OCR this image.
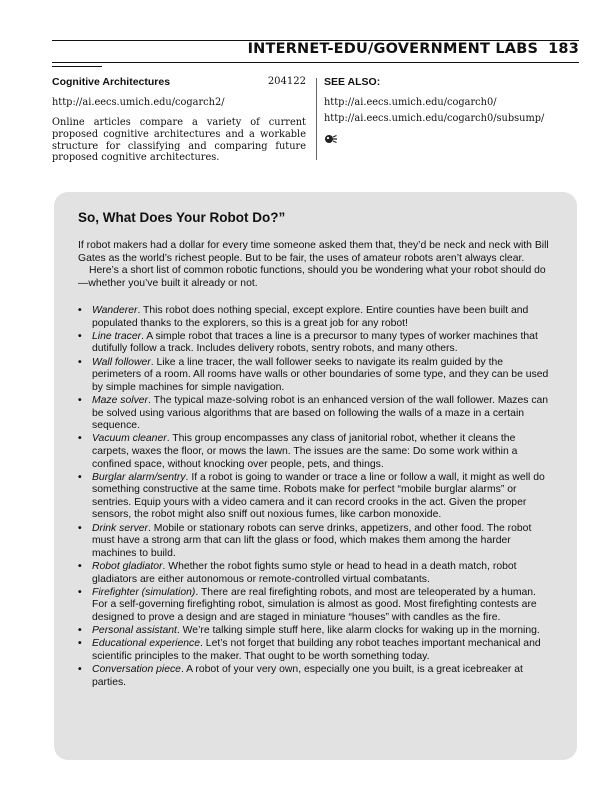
INTERNET-EDU/GOVERNMENT LABS 183
Cognitive Architectures	204122
http://ai.eecs.umich.edu/cogarch2/
Online articles compare a variety of current proposed cognitive architectures and a workable structure for classifying and comparing future proposed cognitive architectures.
SEE ALSO:
http://ai.eecs.umich.edu/cogarch0/
http://ai.eecs.umich.edu/cogarch0/subsump/
So, What Does Your Robot Do?”

If robot makers had a dollar for every time someone asked them that, they’d be neck and neck with Bill Gates as the world’s richest people. But to be fair, the uses of amateur robots aren’t always clear.

Here’s a short list of common robotic functions, should you be wondering what your robot should do—whether you’ve built it already or not.

• Wanderer. This robot does nothing special, except explore. Entire counties have been built and populated thanks to the explorers, so this is a great job for any robot!
• Line tracer. A simple robot that traces a line is a precursor to many types of worker machines that dutifully follow a track. Includes delivery robots, sentry robots, and many others.
• Wall follower. Like a line tracer, the wall follower seeks to navigate its realm guided by the perimeters of a room. All rooms have walls or other boundaries of some type, and they can be used by simple machines for simple navigation.
• Maze solver. The typical maze-solving robot is an enhanced version of the wall follower. Mazes can be solved using various algorithms that are based on following the walls of a maze in a certain sequence.
• Vacuum cleaner. This group encompasses any class of janitorial robot, whether it cleans the carpets, waxes the floor, or mows the lawn. The issues are the same: Do some work within a confined space, without knocking over people, pets, and things.
• Burglar alarm/sentry. If a robot is going to wander or trace a line or follow a wall, it might as well do something constructive at the same time. Robots make for perfect “mobile burglar alarms” or sentries. Equip yours with a video camera and it can record crooks in the act. Given the proper sensors, the robot might also sniff out noxious fumes, like carbon monoxide.
• Drink server. Mobile or stationary robots can serve drinks, appetizers, and other food. The robot must have a strong arm that can lift the glass or food, which makes them among the harder machines to build.
• Robot gladiator. Whether the robot fights sumo style or head to head in a death match, robot gladiators are either autonomous or remote-controlled virtual combatants.
• Firefighter (simulation). There are real firefighting robots, and most are teleoperated by a human. For a self-governing firefighting robot, simulation is almost as good. Most firefighting contests are designed to prove a design and are staged in miniature “houses” with candles as the fire.
• Personal assistant. We’re talking simple stuff here, like alarm clocks for waking up in the morning.
• Educational experience. Let’s not forget that building any robot teaches important mechanical and scientific principles to the maker. That ought to be worth something today.
• Conversation piece. A robot of your very own, especially one you built, is a great icebreaker at parties.
